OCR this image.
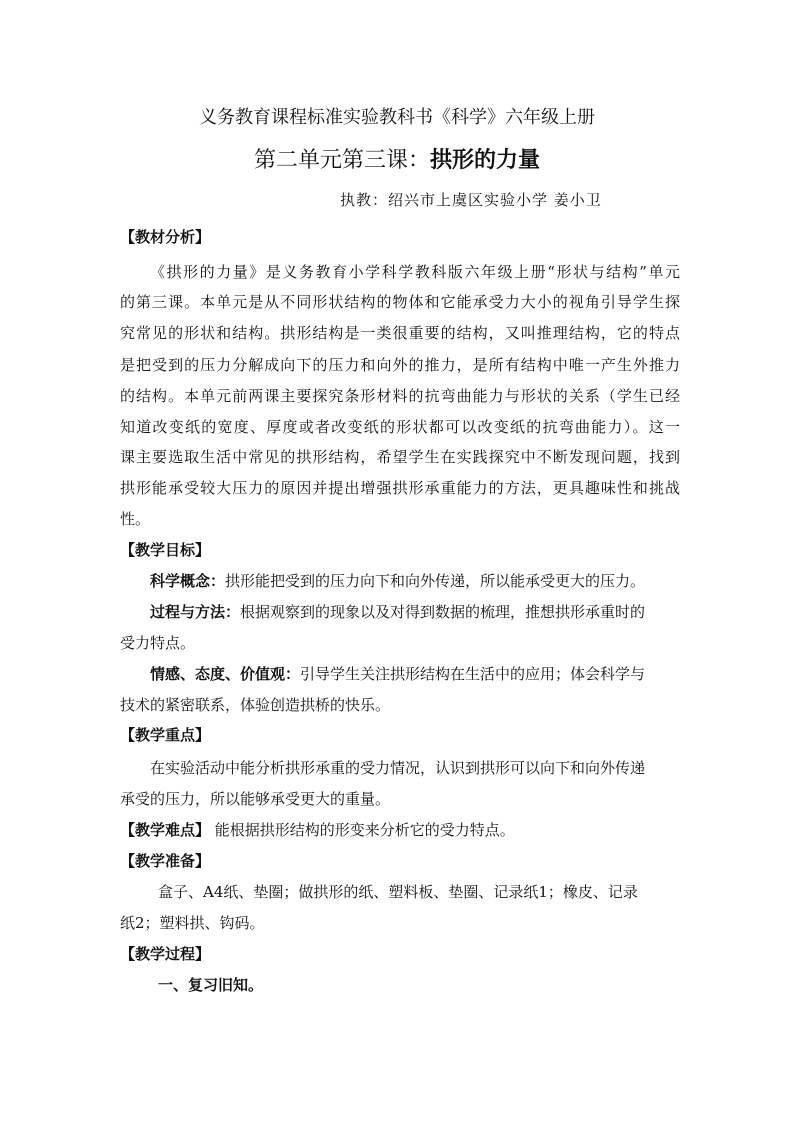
义务教育课程标准实验教科书《科学》六年级上册
第二单元第三课：拱形的力量
执教：绍兴市上虞区实验小学 姜小卫
【教材分析】
《拱形的力量》是义务教育小学科学教科版六年级上册“形状与结构”单元
的第三课。本单元是从不同形状结构的物体和它能承受力大小的视角引导学生探
究常见的形状和结构。拱形结构是一类很重要的结构，又叫推理结构，它的特点
是把受到的压力分解成向下的压力和向外的推力，是所有结构中唯一产生外推力
的结构。本单元前两课主要探究条形材料的抗弯曲能力与形状的关系（学生已经
知道改变纸的宽度、厚度或者改变纸的形状都可以改变纸的抗弯曲能力）。这一
课主要选取生活中常见的拱形结构，希望学生在实践探究中不断发现问题，找到
拱形能承受较大压力的原因并提出增强拱形承重能力的方法，更具趣味性和挑战
性。
【教学目标】
科学概念：拱形能把受到的压力向下和向外传递，所以能承受更大的压力。
过程与方法：根据观察到的现象以及对得到数据的梳理，推想拱形承重时的
受力特点。
情感、态度、价值观：引导学生关注拱形结构在生活中的应用；体会科学与
技术的紧密联系，体验创造拱桥的快乐。
【教学重点】
在实验活动中能分析拱形承重的受力情况，认识到拱形可以向下和向外传递
承受的压力，所以能够承受更大的重量。
【教学难点】 能根据拱形结构的形变来分析它的受力特点。
【教学准备】
盒子、A4纸、垫圈；做拱形的纸、塑料板、垫圈、记录纸1；橡皮、记录
纸2；塑料拱、钩码。
【教学过程】
一、复习旧知。
